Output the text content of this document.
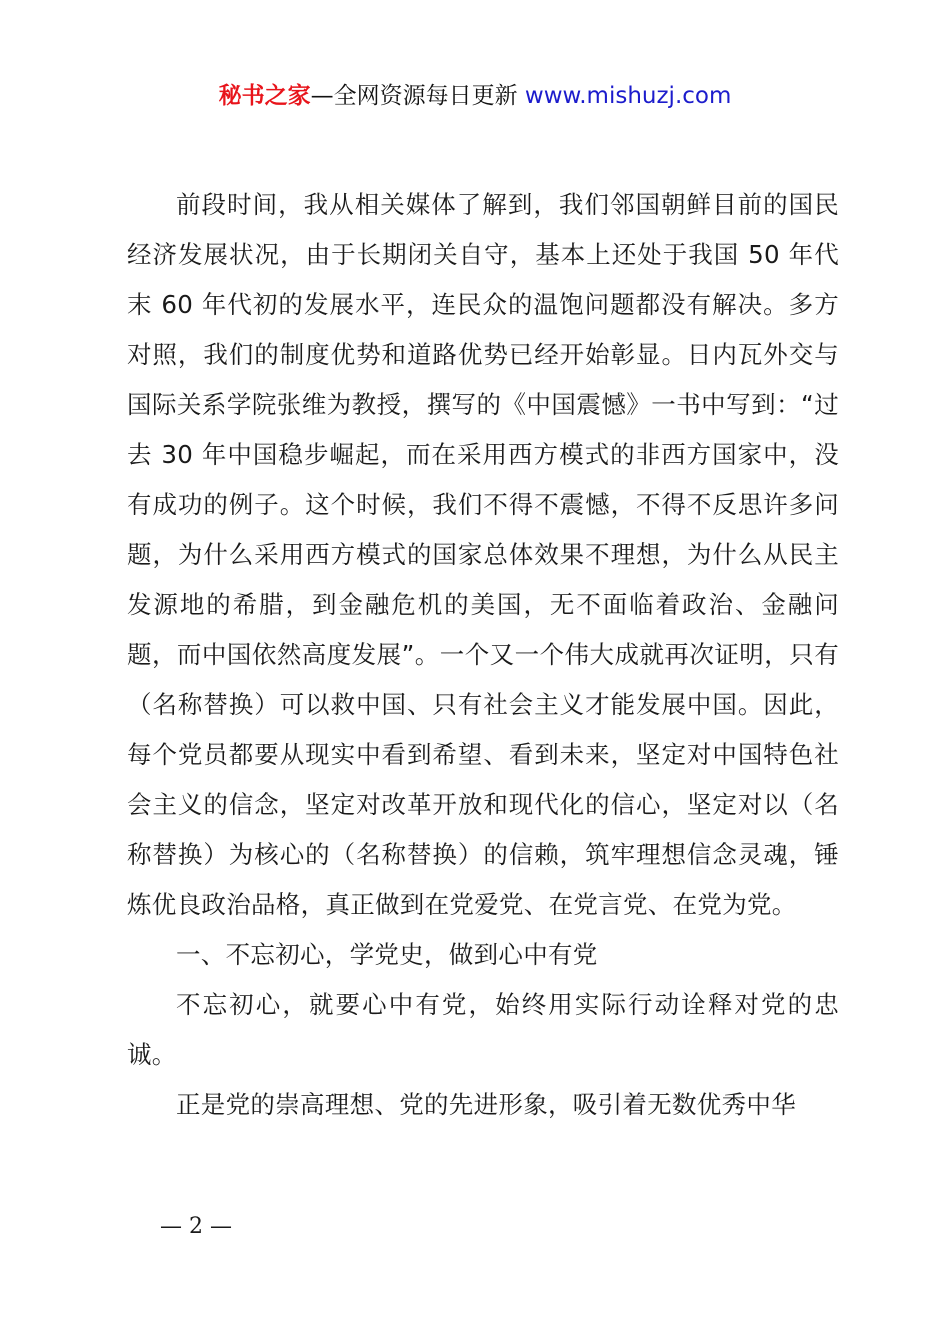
秘书之家—全网资源每日更新 www.mishuzj.com

前段时间，我从相关媒体了解到，我们邻国朝鲜目前的国民经济发展状况，由于长期闭关自守，基本上还处于我国 50 年代末 60 年代初的发展水平，连民众的温饱问题都没有解决。多方对照，我们的制度优势和道路优势已经开始彰显。日内瓦外交与国际关系学院张维为教授，撰写的《中国震憾》一书中写到：“过去 30 年中国稳步崛起，而在采用西方模式的非西方国家中，没有成功的例子。这个时候，我们不得不震憾，不得不反思许多问题，为什么采用西方模式的国家总体效果不理想，为什么从民主发源地的希腊，到金融危机的美国，无不面临着政治、金融问题，而中国依然高度发展”。一个又一个伟大成就再次证明，只有（名称替换）可以救中国、只有社会主义才能发展中国。因此，每个党员都要从现实中看到希望、看到未来，坚定对中国特色社会主义的信念，坚定对改革开放和现代化的信心，坚定对以（名称替换）为核心的（名称替换）的信赖，筑牢理想信念灵魂，锤炼优良政治品格，真正做到在党爱党、在党言党、在党为党。

一、不忘初心，学党史，做到心中有党

不忘初心，就要心中有党，始终用实际行动诠释对党的忠诚。

正是党的崇高理想、党的先进形象，吸引着无数优秀中华

— 2 —
